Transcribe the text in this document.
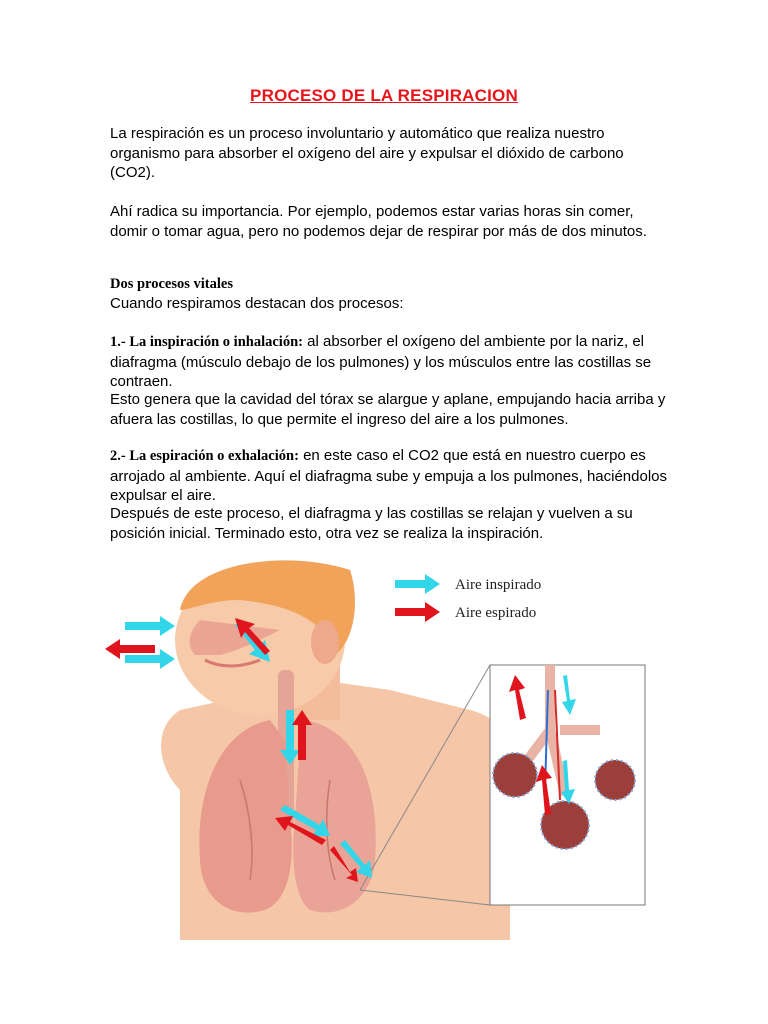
PROCESO DE LA RESPIRACION

La respiración es un proceso involuntario y automático que realiza nuestro organismo para absorber el oxígeno del aire y expulsar el dióxido de carbono (CO2).

Ahí radica su importancia. Por ejemplo, podemos estar varias horas sin comer, domir o tomar agua, pero no podemos dejar de respirar por más de dos minutos.

Dos procesos vitales

Cuando respiramos destacan dos procesos:

1.- La inspiración o inhalación: al absorber el oxígeno del ambiente por la nariz, el diafragma (músculo debajo de los pulmones) y los músculos entre las costillas se contraen.

Esto genera que la cavidad del tórax se alargue y aplane, empujando hacia arriba y afuera las costillas, lo que permite el ingreso del aire a los pulmones.

2.- La espiración o exhalación: en este caso el CO2 que está en nuestro cuerpo es arrojado al ambiente. Aquí el diafragma sube y empuja a los pulmones, haciéndolos expulsar el aire.

Después de este proceso, el diafragma y las costillas se relajan y vuelven a su posición inicial. Terminado esto, otra vez se realiza la inspiración.

Aire inspirado
Aire espirado
